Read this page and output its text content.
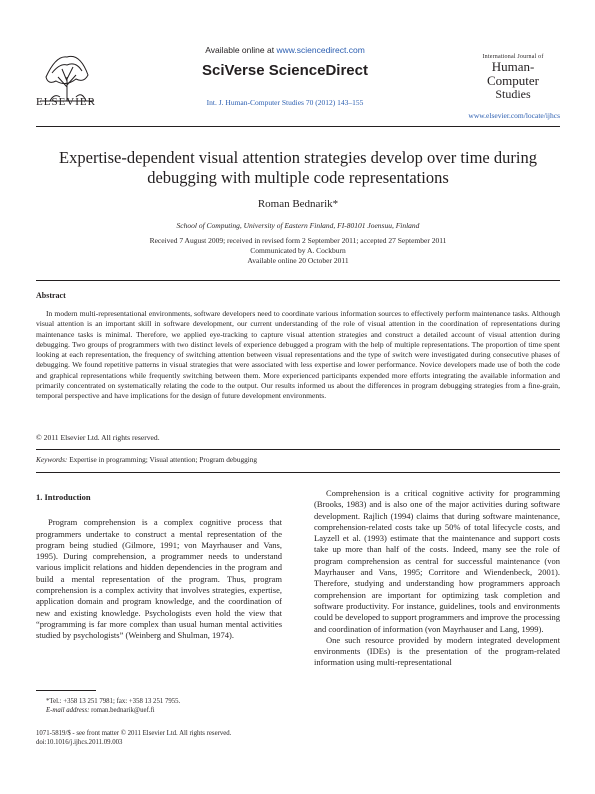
ELSEVIER
Available online at www.sciencedirect.com
SciVerse ScienceDirect
Int. J. Human-Computer Studies 70 (2012) 143–155
International Journal of
Human-Computer
Studies
www.elsevier.com/locate/ijhcs
Expertise-dependent visual attention strategies develop over time during debugging with multiple code representations
Roman Bednarik*
School of Computing, University of Eastern Finland, FI-80101 Joensuu, Finland
Received 7 August 2009; received in revised form 2 September 2011; accepted 27 September 2011
Communicated by A. Cockburn
Available online 20 October 2011
Abstract

In modern multi-representational environments, software developers need to coordinate various information sources to effectively perform maintenance tasks. Although visual attention is an important skill in software development, our current understanding of the role of visual attention in the coordination of representations during maintenance tasks is minimal. Therefore, we applied eye-tracking to capture visual attention strategies and construct a detailed account of visual attention during debugging. Two groups of programmers with two distinct levels of experience debugged a program with the help of multiple representations. The proportion of time spent looking at each representation, the frequency of switching attention between visual representations and the type of switch were investigated during consecutive phases of debugging. We found repetitive patterns in visual strategies that were associated with less expertise and lower performance. Novice developers made use of both the code and graphical representations while frequently switching between them. More experienced participants expended more efforts integrating the available information and primarily concentrated on systematically relating the code to the output. Our results informed us about the differences in program debugging strategies from a fine-grain, temporal perspective and have implications for the design of future development environments.

© 2011 Elsevier Ltd. All rights reserved.
Keywords: Expertise in programming; Visual attention; Program debugging
1. Introduction

Program comprehension is a complex cognitive process that programmers undertake to construct a mental representation of the program being studied (Gilmore, 1991; von Mayrhauser and Vans, 1995). During comprehension, a programmer needs to understand various implicit relations and hidden dependencies in the program and build a mental representation of the program. Thus, program comprehension is a complex activity that involves strategies, expertise, application domain and program knowledge, and the coordination of new and existing knowledge. Psychologists even hold the view that “programming is far more complex than usual human mental activities studied by psychologists” (Weinberg and Shulman, 1974).

Comprehension is a critical cognitive activity for programming (Brooks, 1983) and is also one of the major activities during software development. Rajlich (1994) claims that during software maintenance, comprehension-related costs take up 50% of total lifecycle costs, and Layzell et al. (1993) estimate that the maintenance and support costs take up more than half of the costs. Indeed, many see the role of program comprehension as central for successful maintenance (von Mayrhauser and Vans, 1995; Corritore and Wiendenbeck, 2001). Therefore, studying and understanding how programmers approach comprehension are important for optimizing task completion and software productivity. For instance, guidelines, tools and environments could be developed to support programmers and improve the processing and coordination of information (von Mayrhauser and Lang, 1999).

One such resource provided by modern integrated development environments (IDEs) is the presentation of the program-related information using multi-representational

*Tel.: +358 13 251 7981; fax: +358 13 251 7955.
E-mail address: roman.bednarik@uef.fi
1071-5819/$ - see front matter © 2011 Elsevier Ltd. All rights reserved.
doi:10.1016/j.ijhcs.2011.09.003
